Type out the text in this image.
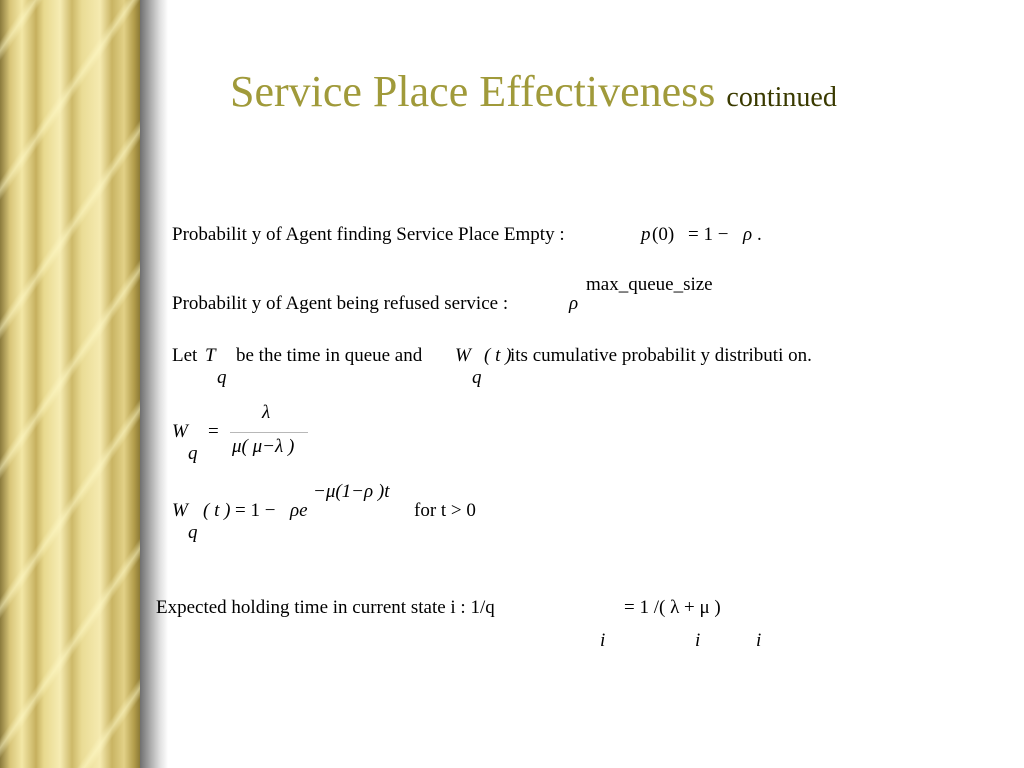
Service Place Effectiveness continued
Probabilit y of Agent finding Service Place Empty :	p (0) = 1 − ρ .
Probabilit y of Agent being refused service :	ρ
max_queue_size
Let T
q
be the time in queue and W ( t )
q
its cumulative probabilit y distributi on.
W
q
=
λ
μ( μ−λ )
W
q
( t ) = 1 − ρe
−μ(1−ρ )t
for t > 0
Expected holding time in current state i : 1/q	= 1 /( λ + μ )
i	i	i
